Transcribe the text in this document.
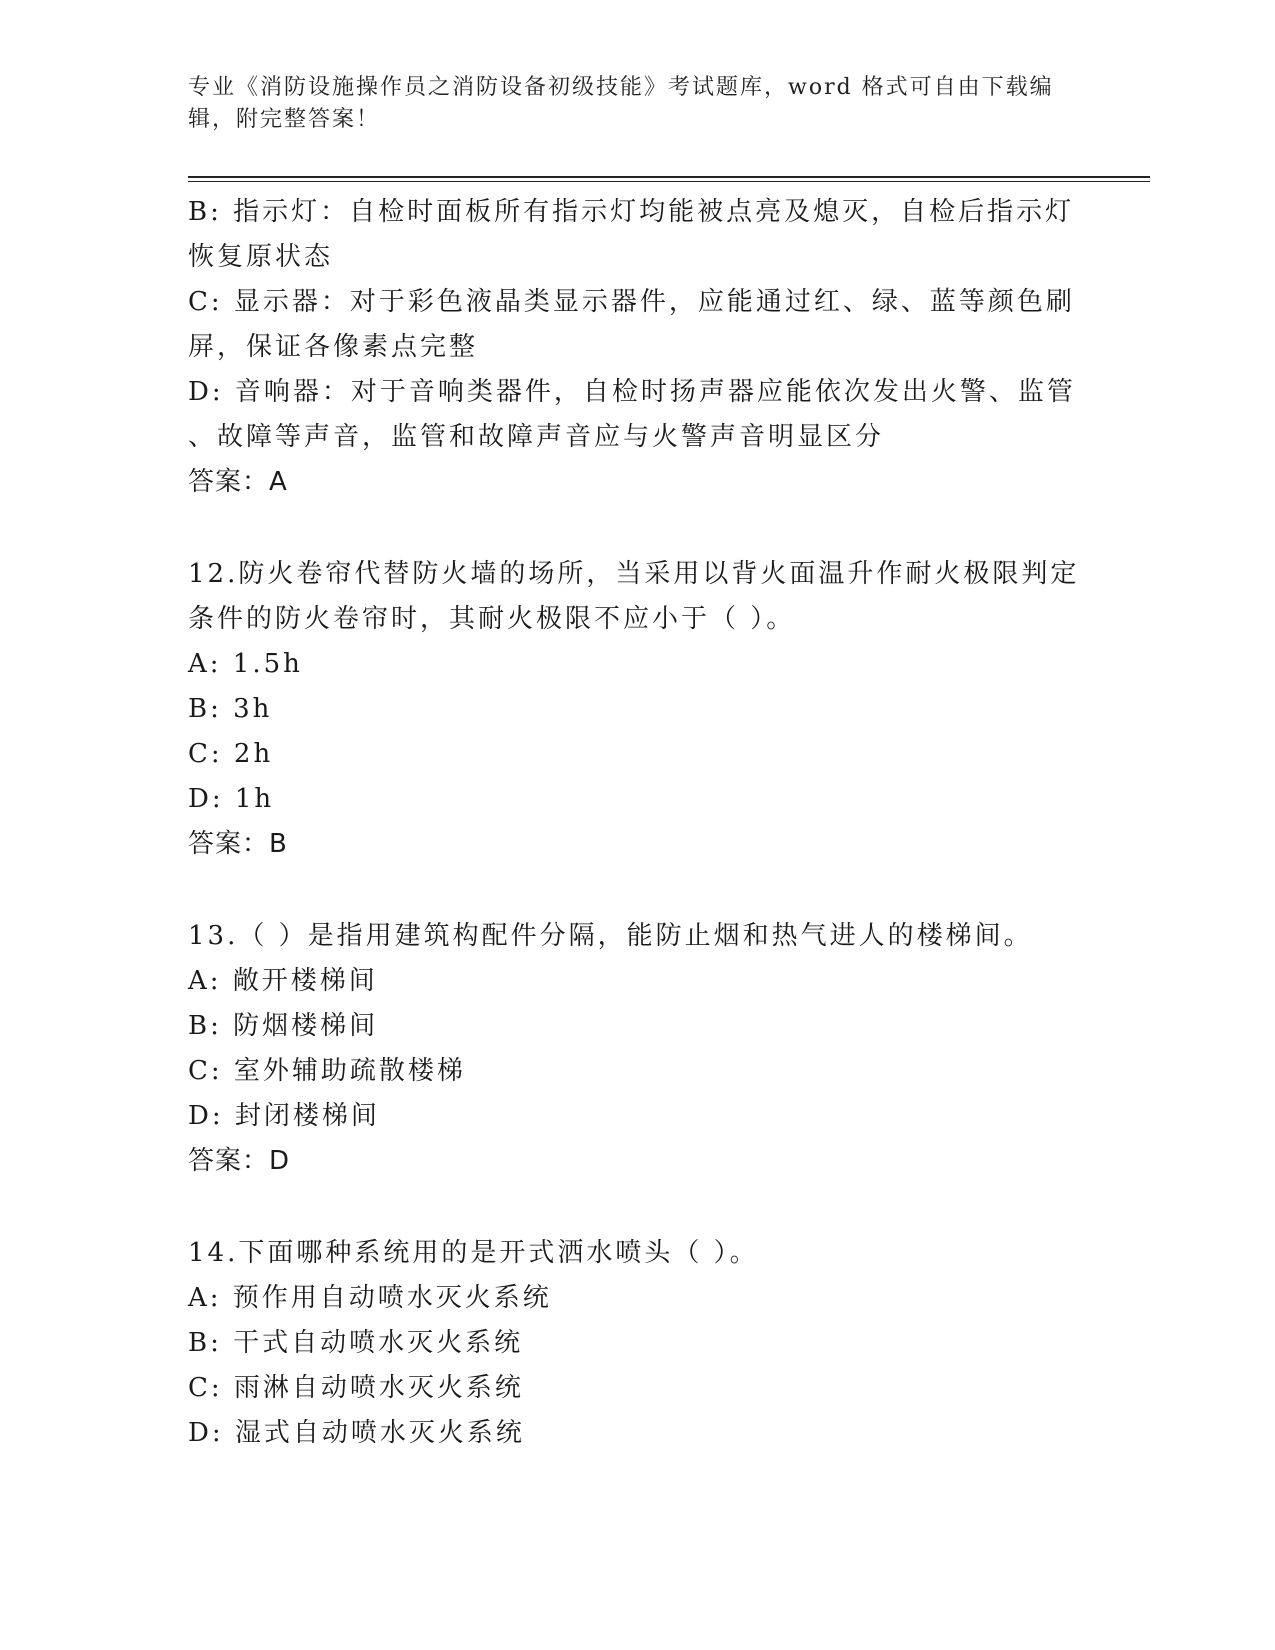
专业《消防设施操作员之消防设备初级技能》考试题库，word 格式可自由下载编
辑，附完整答案！
B: 指示灯：自检时面板所有指示灯均能被点亮及熄灭，自检后指示灯
恢复原状态
C: 显示器：对于彩色液晶类显示器件，应能通过红、绿、蓝等颜色刷
屏，保证各像素点完整
D: 音响器：对于音响类器件，自检时扬声器应能依次发出火警、监管
、故障等声音，监管和故障声音应与火警声音明显区分
答案：A
12.防火卷帘代替防火墙的场所，当采用以背火面温升作耐火极限判定
条件的防火卷帘时，其耐火极限不应小于（ ）。
A: 1.5h
B: 3h
C: 2h
D: 1h
答案：B
13.（ ）是指用建筑构配件分隔，能防止烟和热气进人的楼梯间。
A: 敞开楼梯间
B: 防烟楼梯间
C: 室外辅助疏散楼梯
D: 封闭楼梯间
答案：D
14.下面哪种系统用的是开式洒水喷头（ ）。
A: 预作用自动喷水灭火系统
B: 干式自动喷水灭火系统
C: 雨淋自动喷水灭火系统
D: 湿式自动喷水灭火系统
